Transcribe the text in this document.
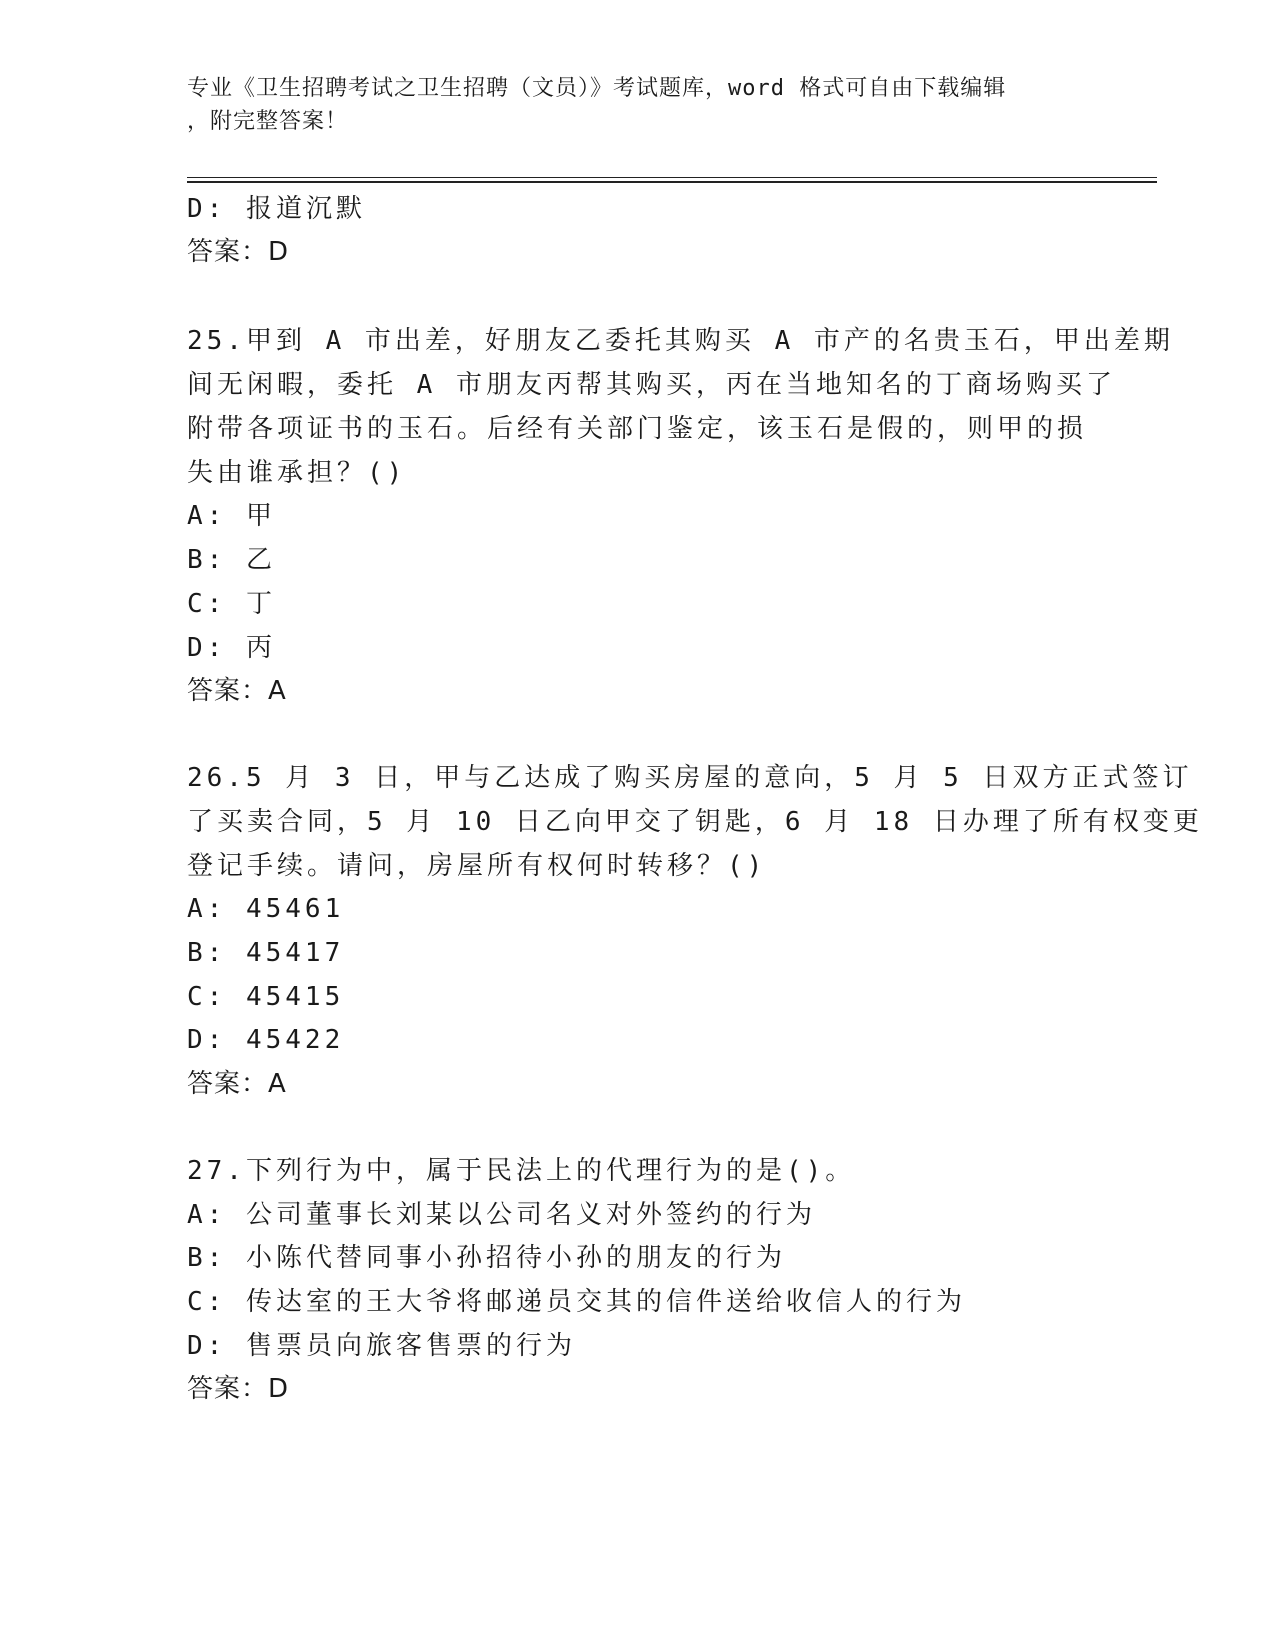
专业《卫生招聘考试之卫生招聘（文员）》考试题库，word 格式可自由下载编辑
，附完整答案！
D: 报道沉默
答案：D
25.甲到 A 市出差，好朋友乙委托其购买 A 市产的名贵玉石，甲出差期
间无闲暇，委托 A 市朋友丙帮其购买，丙在当地知名的丁商场购买了
附带各项证书的玉石。后经有关部门鉴定，该玉石是假的，则甲的损
失由谁承担？()
A: 甲
B: 乙
C: 丁
D: 丙
答案：A
26.5 月 3 日，甲与乙达成了购买房屋的意向，5 月 5 日双方正式签订
了买卖合同，5 月 10 日乙向甲交了钥匙，6 月 18 日办理了所有权变更
登记手续。请问，房屋所有权何时转移？()
A: 45461
B: 45417
C: 45415
D: 45422
答案：A
27.下列行为中，属于民法上的代理行为的是()。
A: 公司董事长刘某以公司名义对外签约的行为
B: 小陈代替同事小孙招待小孙的朋友的行为
C: 传达室的王大爷将邮递员交其的信件送给收信人的行为
D: 售票员向旅客售票的行为
答案：D
